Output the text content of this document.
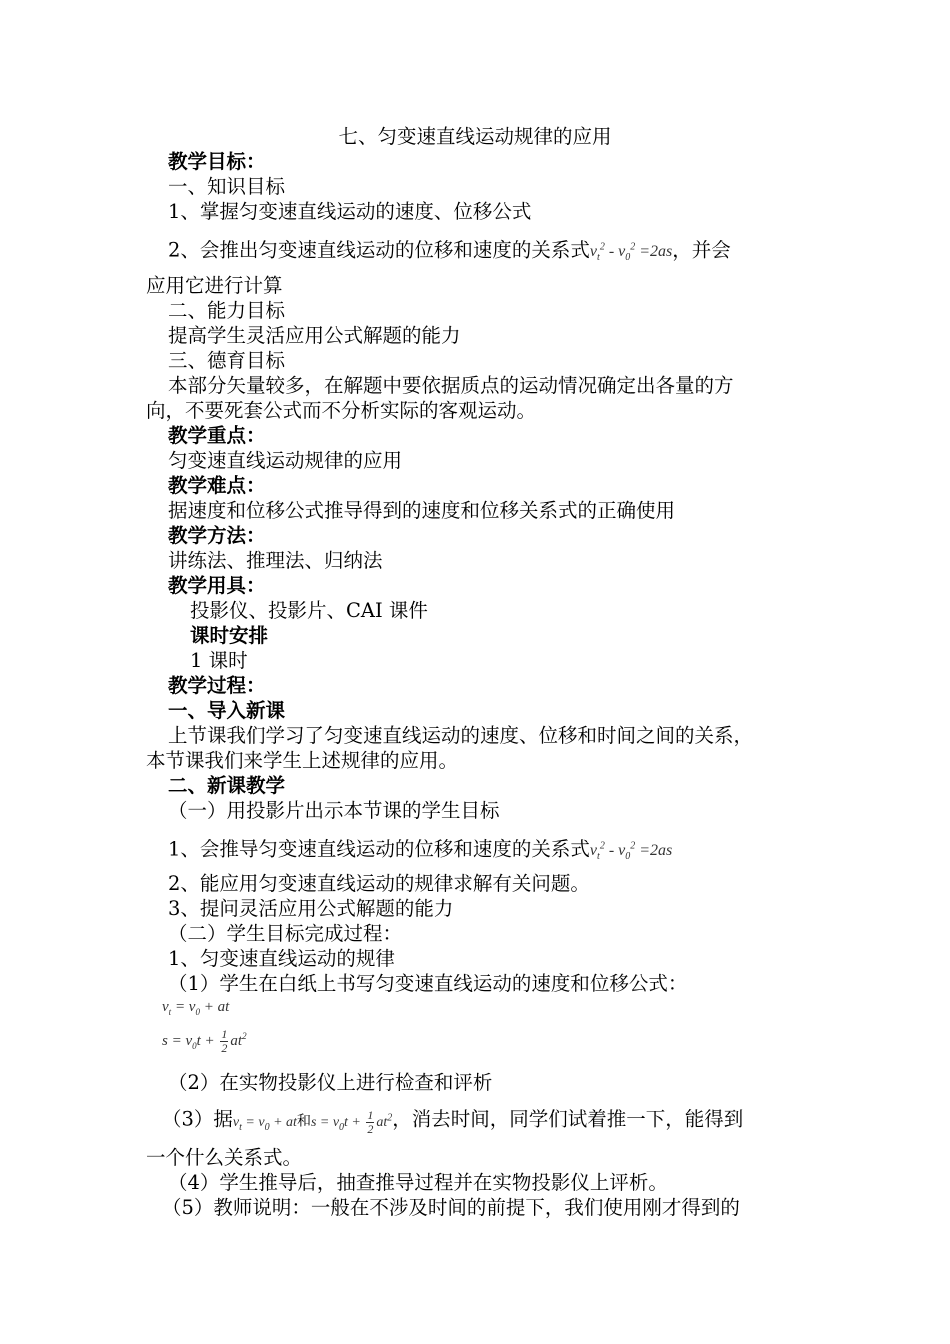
七、匀变速直线运动规律的应用
教学目标：
一、知识目标
1、掌握匀变速直线运动的速度、位移公式
2、会推出匀变速直线运动的位移和速度的关系式$v_t^2 - v_0^2 =2as$，并会
应用它进行计算
二、能力目标
提高学生灵活应用公式解题的能力
三、德育目标
本部分矢量较多，在解题中要依据质点的运动情况确定出各量的方
向，不要死套公式而不分析实际的客观运动。
教学重点：
匀变速直线运动规律的应用
教学难点：
据速度和位移公式推导得到的速度和位移关系式的正确使用
教学方法：
讲练法、推理法、归纳法
教学用具：
投影仪、投影片、CAI 课件
课时安排
1 课时
教学过程：
一、导入新课
上节课我们学习了匀变速直线运动的速度、位移和时间之间的关系，
本节课我们来学生上述规律的应用。
二、新课教学
（一）用投影片出示本节课的学生目标
1、会推导匀变速直线运动的位移和速度的关系式$v_t^2 - v_0^2 =2as$
2、能应用匀变速直线运动的规律求解有关问题。
3、提问灵活应用公式解题的能力
（二）学生目标完成过程：
1、匀变速直线运动的规律
（1）学生在白纸上书写匀变速直线运动的速度和位移公式：
$v_t = v_0$ + at
$s = v_0t + \frac{1}{2} at^2$
（2）在实物投影仪上进行检查和评析
（3）据$v_t = v_0$ + at和$s = v_0t + \frac{1}{2} at^2$，消去时间，同学们试着推一下，能得到
一个什么关系式。
（4）学生推导后，抽查推导过程并在实物投影仪上评析。
（5）教师说明：一般在不涉及时间的前提下，我们使用刚才得到的
